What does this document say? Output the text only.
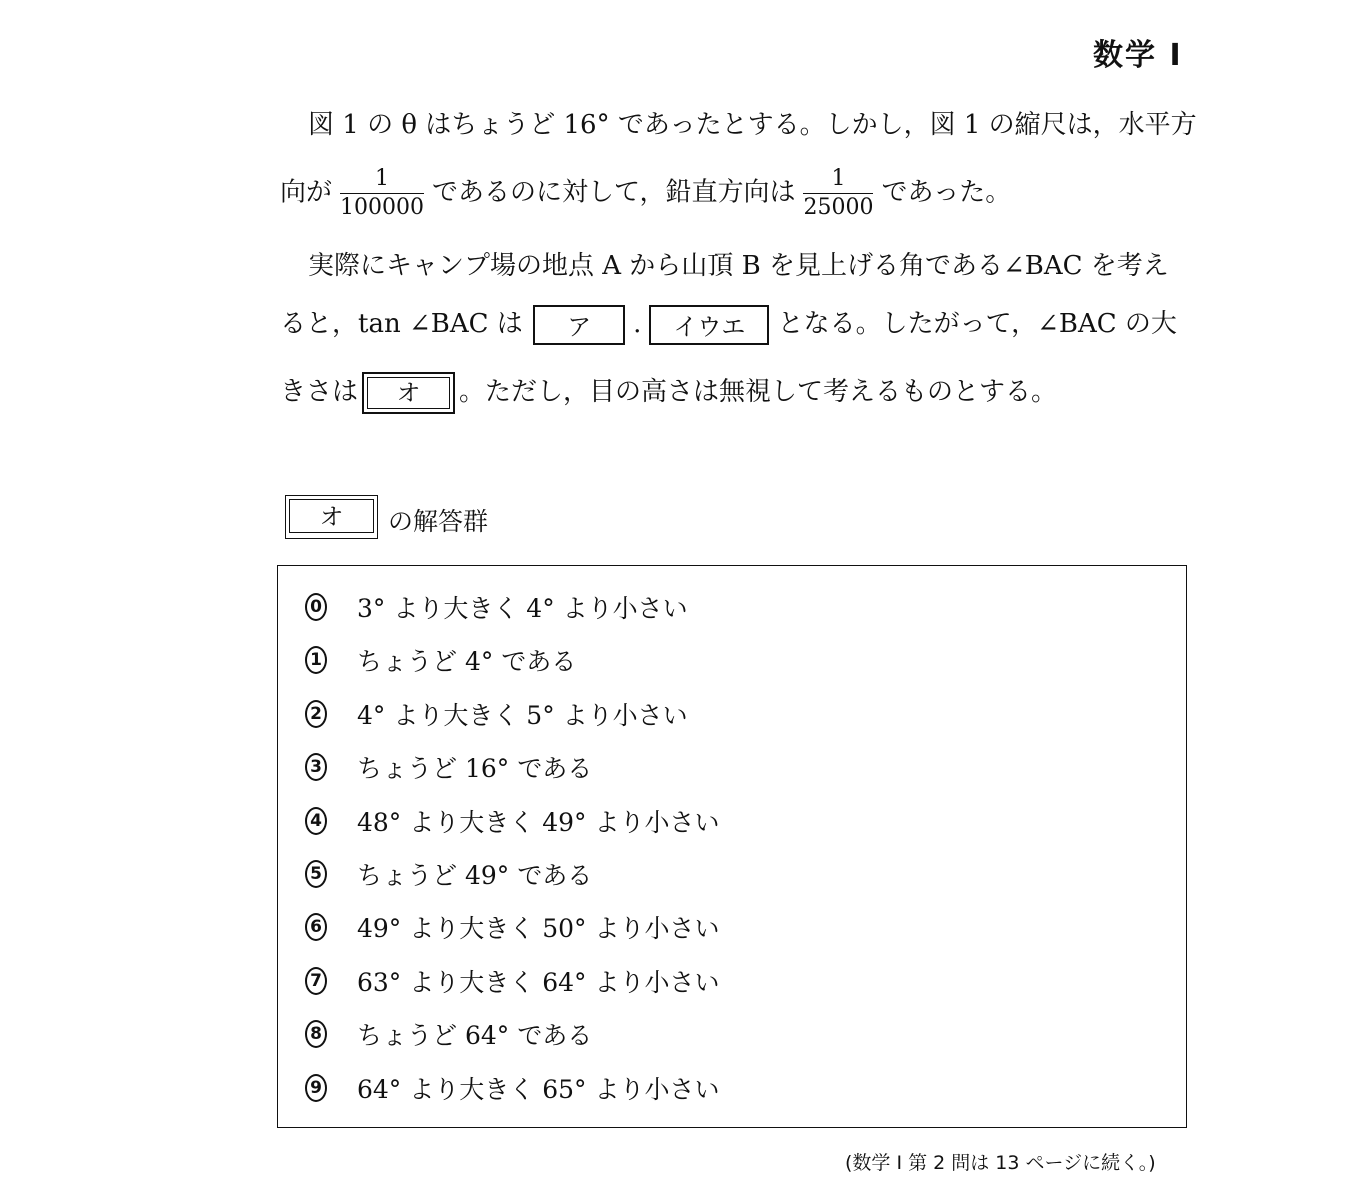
数学 I
図 1 の θ はちょうど 16° であったとする。しかし，図 1 の縮尺は，水平方
向が $\frac{1}{100000}$ であるのに対して，鉛直方向は $\frac{1}{25000}$ であった。
実際にキャンプ場の地点 A から山頂 B を見上げる角である∠BAC を考え
ると，tan ∠BAC は ア . イウエ となる。したがって，∠BAC の大
きさは	オ	。ただし，目の高さは無視して考えるものとする。
オ	の解答群
0 3° より大きく 4° より小さい
1 ちょうど 4° である
2 4° より大きく 5° より小さい
3 ちょうど 16° である
4 48° より大きく 49° より小さい
5 ちょうど 49° である
6 49° より大きく 50° より小さい
7 63° より大きく 64° より小さい
8 ちょうど 64° である
9 64° より大きく 65° より小さい
(数学 I 第 2 問は 13 ページに続く。)
